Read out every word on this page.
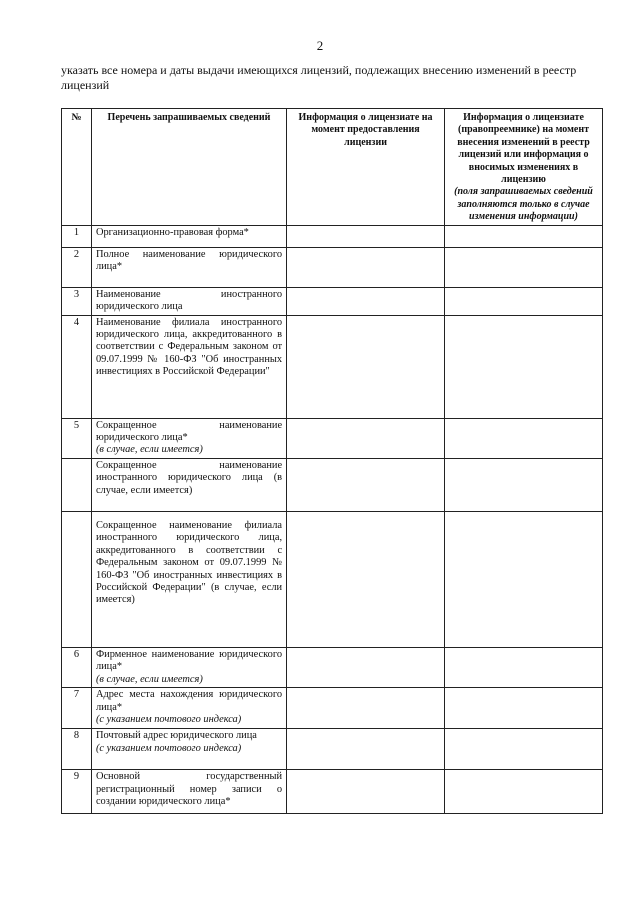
2
указать все номера и даты выдачи имеющихся лицензий, подлежащих внесению изменений в реестр лицензий
№	Перечень запрашиваемых сведений	Информация о лицензиате на момент предоставления лицензии	Информация о лицензиате (правопреемнике) на момент внесения изменений в реестр лицензий или информация о вносимых изменениях в лицензию
(поля запрашиваемых сведений заполняются только в случае изменения информации)

1	Организационно-правовая форма*		
2	Полное наименование юридического лица*		
3	Наименование иностранного юридического лица		
4	Наименование филиала иностранного юридического лица, аккредитованного в соответствии с Федеральным законом от 09.07.1999 № 160-ФЗ "Об иностранных инвестициях в Российской Федерации"		
5	Сокращенное наименование юридического лица*
(в случае, если имеется)		

	Сокращенное наименование иностранного юридического лица (в случае, если имеется)		
	Сокращенное наименование филиала иностранного юридического лица, аккредитованного в соответствии с Федеральным законом от 09.07.1999 № 160-ФЗ "Об иностранных инвестициях в Российской Федерации" (в случае, если имеется)		
6	Фирменное наименование юридического лица*
(в случае, если имеется)		

7	Адрес места нахождения юридического лица*
(с указанием почтового индекса)		

8	Почтовый адрес юридического лица
(с указанием почтового индекса)		

9	Основной государственный регистрационный номер записи о создании юридического лица*		
